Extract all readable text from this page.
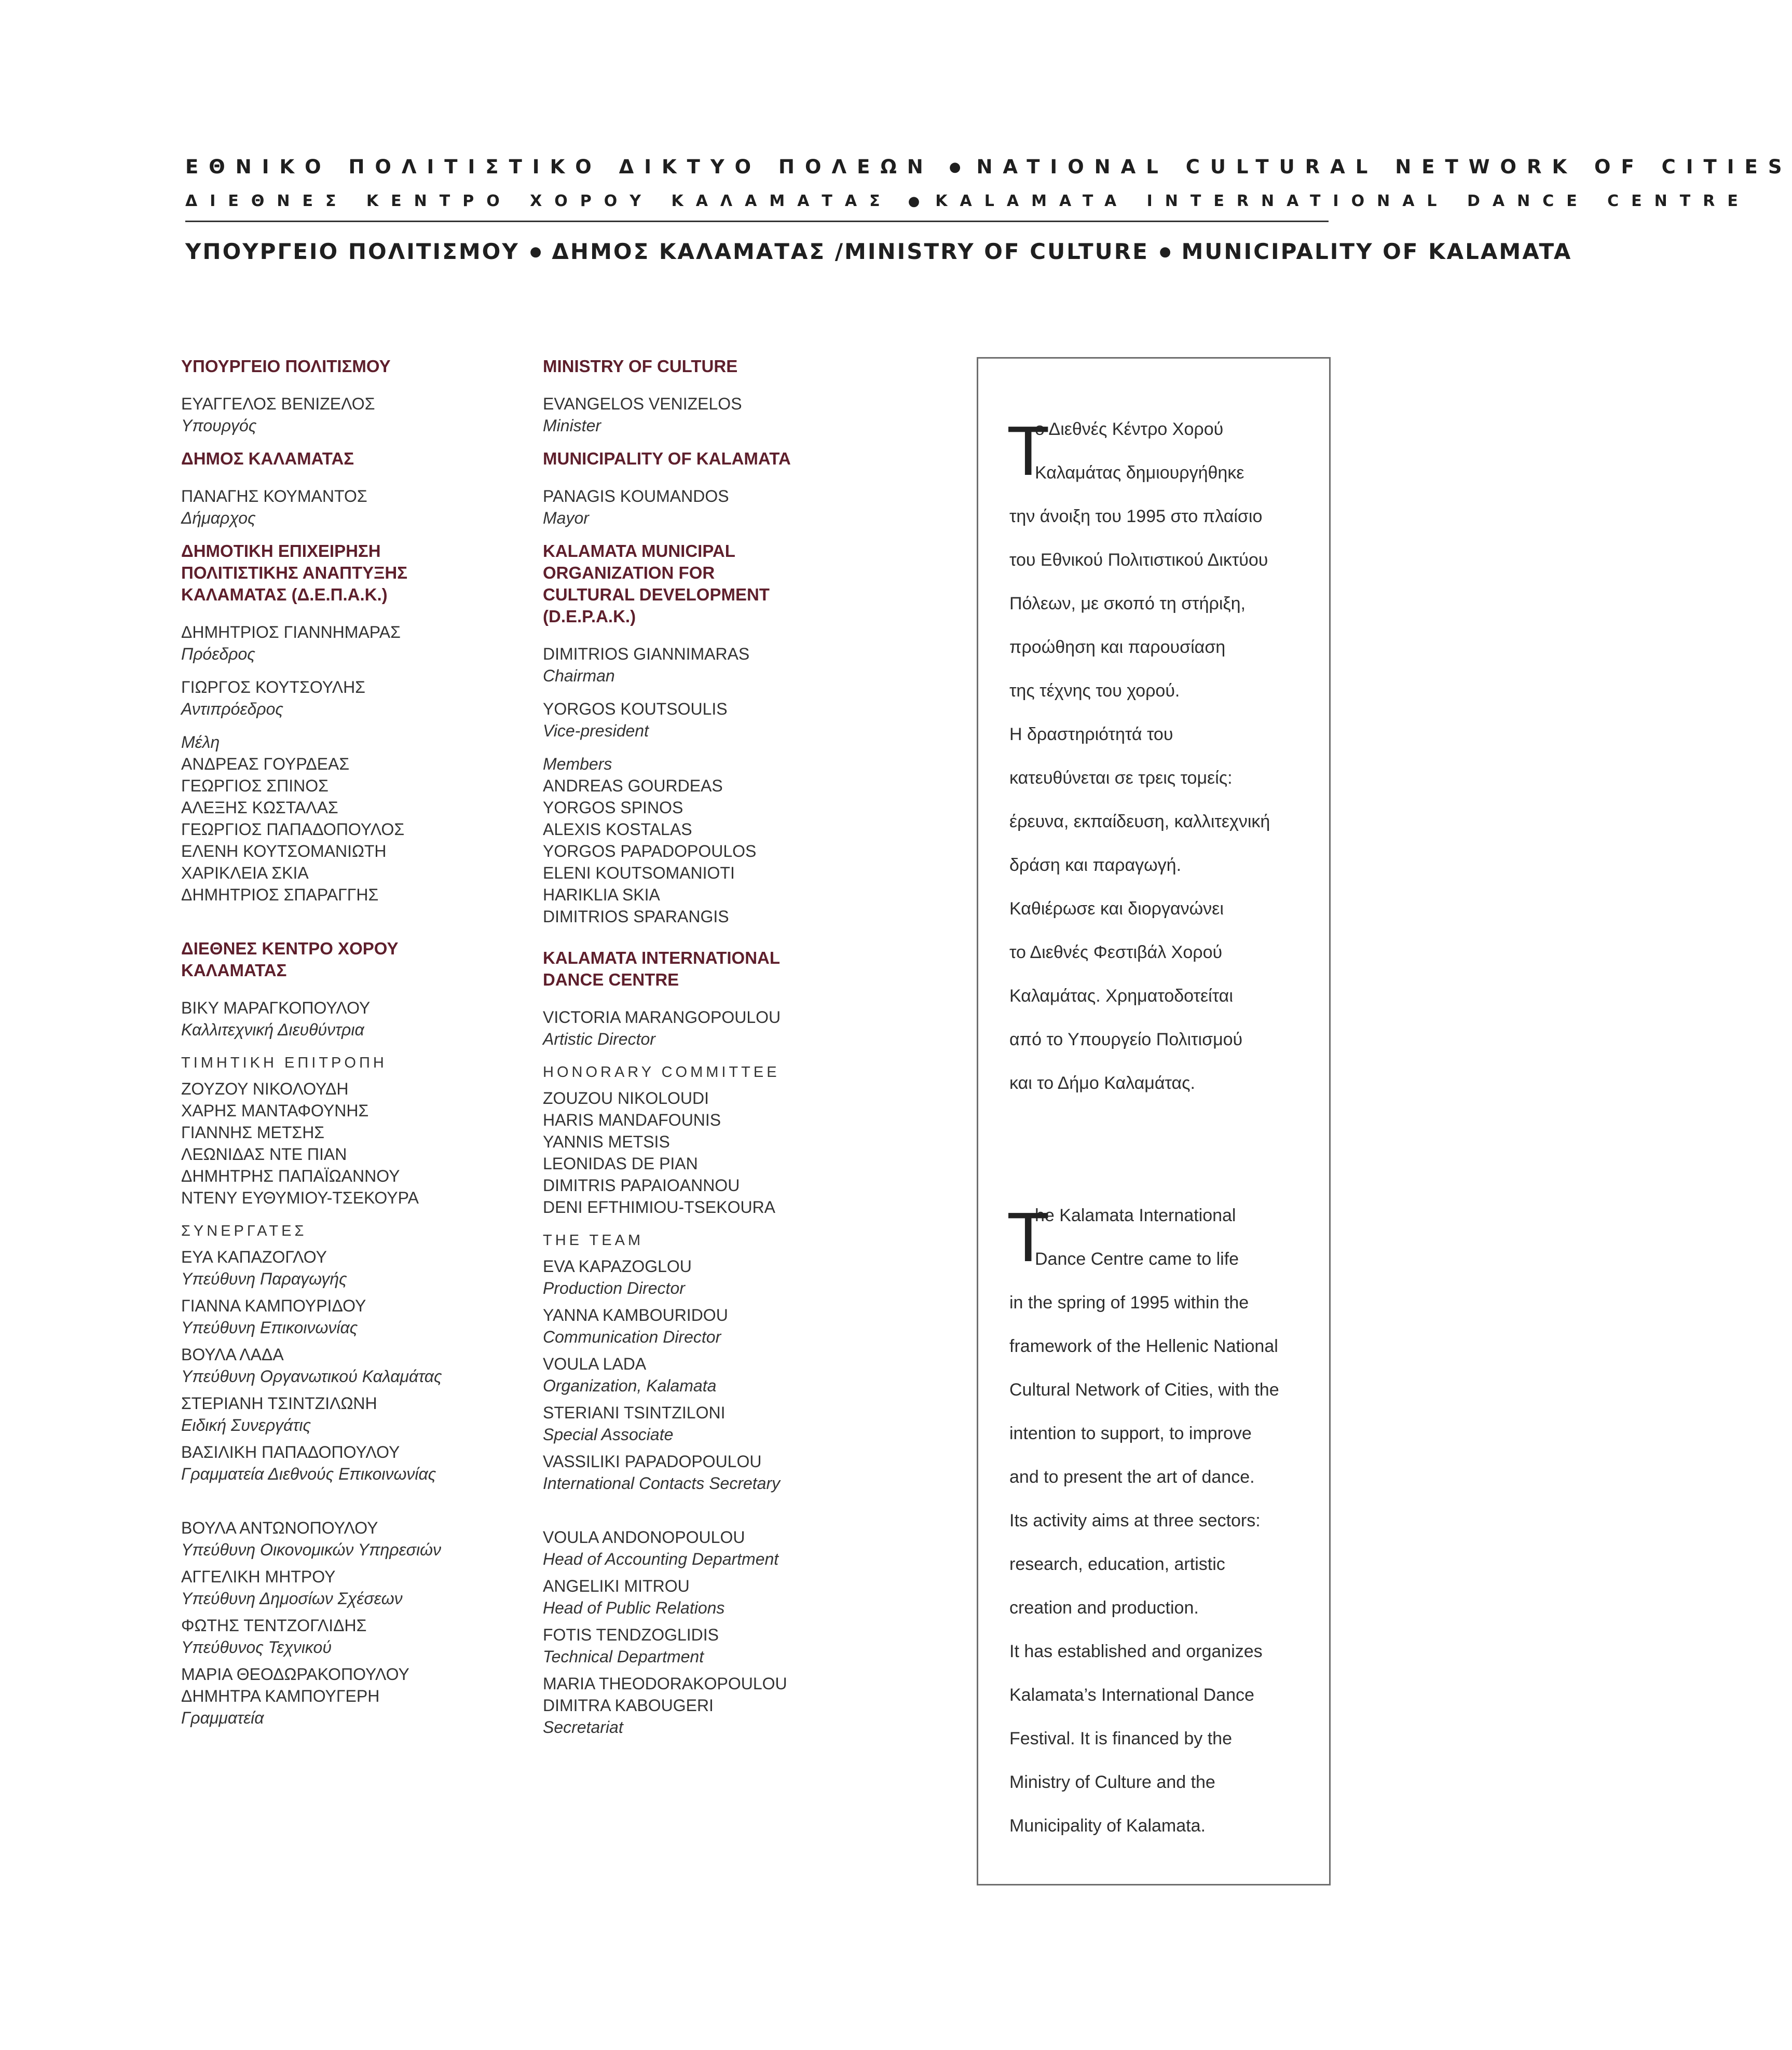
ΕΘΝΙΚΟ ΠΟΛΙΤΙΣΤΙΚΟ ΔΙΚΤΥΟ ΠΟΛΕΩΝ	● NATIONAL CULTURAL NETWORK OF CITIES
ΔΙΕΘΝΕΣ ΚΕΝΤΡΟ ΧΟΡΟΥ ΚΑΛΑΜΑΤΑΣ	●	KALAMATA INTERNATIONAL DANCE CENTRE
ΥΠΟΥΡΓΕΙΟ ΠΟΛΙΤΙΣΜΟΥ ● ΔΗΜΟΣ ΚΑΛΑΜΑΤΑΣ /MINISTRY OF CULTURE ● MUNICIPALITY OF KALAMATA
ΥΠΟΥΡΓΕΙΟ ΠΟΛΙΤΙΣΜΟΥ
ΕΥΑΓΓΕΛΟΣ ΒΕΝΙΖΕΛΟΣ
Υπουργός
ΔΗΜΟΣ ΚΑΛΑΜΑΤΑΣ
ΠΑΝΑΓΗΣ ΚΟΥΜΑΝΤΟΣ
Δήμαρχος
ΔΗΜΟΤΙΚΗ ΕΠΙΧΕΙΡΗΣΗ
ΠΟΛΙΤΙΣΤΙΚΗΣ ΑΝΑΠΤΥΞΗΣ
ΚΑΛΑΜΑΤΑΣ (Δ.Ε.Π.Α.Κ.)
ΔΗΜΗΤΡΙΟΣ ΓΙΑΝΝΗΜΑΡΑΣ
Πρόεδρος
ΓΙΩΡΓΟΣ ΚΟΥΤΣΟΥΛΗΣ
Αντιπρόεδρος
Μέλη
ΑΝΔΡΕΑΣ ΓΟΥΡΔΕΑΣ
ΓΕΩΡΓΙΟΣ ΣΠΙΝΟΣ
ΑΛΕΞΗΣ ΚΩΣΤΑΛΑΣ
ΓΕΩΡΓΙΟΣ ΠΑΠΑΔΟΠΟΥΛΟΣ
ΕΛΕΝΗ ΚΟΥΤΣΟΜΑΝΙΩΤΗ
ΧΑΡΙΚΛΕΙΑ ΣΚΙΑ
ΔΗΜΗΤΡΙΟΣ ΣΠΑΡΑΓΓΗΣ
ΔΙΕΘΝΕΣ ΚΕΝΤΡΟ ΧΟΡΟΥ
ΚΑΛΑΜΑΤΑΣ
ΒΙΚΥ ΜΑΡΑΓΚΟΠΟΥΛΟΥ
Καλλιτεχνική Διευθύντρια
ΤΙΜΗΤΙΚΗ ΕΠΙΤΡΟΠΗ
ΖΟΥΖΟΥ ΝΙΚΟΛΟΥΔΗ
ΧΑΡΗΣ ΜΑΝΤΑΦΟΥΝΗΣ
ΓΙΑΝΝΗΣ ΜΕΤΣΗΣ
ΛΕΩΝΙΔΑΣ ΝΤΕ ΠΙΑΝ
ΔΗΜΗΤΡΗΣ ΠΑΠΑΪΩΑΝΝΟΥ
ΝΤΕΝΥ ΕΥΘΥΜΙΟΥ-ΤΣΕΚΟΥΡΑ
ΣΥΝΕΡΓΑΤΕΣ
ΕΥΑ ΚΑΠΑΖΟΓΛΟΥ
Υπεύθυνη Παραγωγής
ΓΙΑΝΝΑ ΚΑΜΠΟΥΡΙΔΟΥ
Υπεύθυνη Επικοινωνίας
ΒΟΥΛΑ ΛΑΔΑ
Υπεύθυνη Οργανωτικού Καλαμάτας
ΣΤΕΡΙΑΝΗ ΤΣΙΝΤΖΙΛΩΝΗ
Ειδική Συνεργάτις
ΒΑΣΙΛΙΚΗ ΠΑΠΑΔΟΠΟΥΛΟΥ
Γραμματεία Διεθνούς Επικοινωνίας
ΒΟΥΛΑ ΑΝΤΩΝΟΠΟΥΛΟΥ
Υπεύθυνη Οικονομικών Υπηρεσιών
ΑΓΓΕΛΙΚΗ ΜΗΤΡΟΥ
Υπεύθυνη Δημοσίων Σχέσεων
ΦΩΤΗΣ ΤΕΝΤΖΟΓΛΙΔΗΣ
Υπεύθυνος Τεχνικού
ΜΑΡΙΑ ΘΕΟΔΩΡΑΚΟΠΟΥΛΟΥ
ΔΗΜΗΤΡΑ ΚΑΜΠΟΥΓΕΡΗ
Γραμματεία
MINISTRY OF CULTURE
EVANGELOS VENIZELOS
Minister
MUNICIPALITY OF KALAMATA
PANAGIS KOUMANDOS
Mayor
KALAMATA MUNICIPAL
ORGANIZATION FOR
CULTURAL DEVELOPMENT
(D.E.P.A.K.)
DIMITRIOS GIANNIMARAS
Chairman
YORGOS KOUTSOULIS
Vice-president
Members
ANDREAS GOURDEAS
YORGOS SPINOS
ALEXIS KOSTALAS
YORGOS PAPADOPOULOS
ELENI KOUTSOMANIOTI
HARIKLIA SKIA
DIMITRIOS SPARANGIS
KALAMATA INTERNATIONAL
DANCE CENTRE
VICTORIA MARANGOPOULOU
Artistic Director
HONORARY COMMITTEE
ZOUZOU NIKOLOUDI
HARIS MANDAFOUNIS
YANNIS METSIS
LEONIDAS DE PIAN
DIMITRIS PAPAIOANNOU
DENI EFTHIMIOU-TSEKOURA
THE TEAM
EVA KAPAZOGLOU
Production Director
YANNA KAMBOURIDOU
Communication Director
VOULA LADA
Organization, Kalamata
STERIANI TSINTZILONI
Special Associate
VASSILIKI PAPADOPOULOU
International Contacts Secretary
VOULA ANDONOPOULOU
Head of Accounting Department
ANGELIKI MITROU
Head of Public Relations
FOTIS TENDZOGLIDIS
Technical Department
MARIA THEODORAKOPOULOU
DIMITRA KABOUGERI
Secretariat
Τ
ο Διεθνές Κέντρο Χορού
Καλαμάτας δημιουργήθηκε
την άνοιξη του 1995 στο πλαίσιο
του Εθνικού Πολιτιστικού Δικτύου
Πόλεων, με σκοπό τη στήριξη,
προώθηση και παρουσίαση
της τέχνης του χορού.
Η δραστηριότητά του
κατευθύνεται σε τρεις τομείς:
έρευνα, εκπαίδευση, καλλιτεχνική
δράση και παραγωγή.
Καθιέρωσε και διοργανώνει
το Διεθνές Φεστιβάλ Χορού
Καλαμάτας. Χρηματοδοτείται
από το Υπουργείο Πολιτισμού
και το Δήμο Καλαμάτας.
T
he Kalamata International
Dance Centre came to life
in the spring of 1995 within the
framework of the Hellenic National
Cultural Network of Cities, with the
intention to support, to improve
and to present the art of dance.
Its activity aims at three sectors:
research, education, artistic
creation and production.
It has established and organizes
Kalamata’s International Dance
Festival. It is financed by the
Ministry of Culture and the
Municipality of Kalamata.
